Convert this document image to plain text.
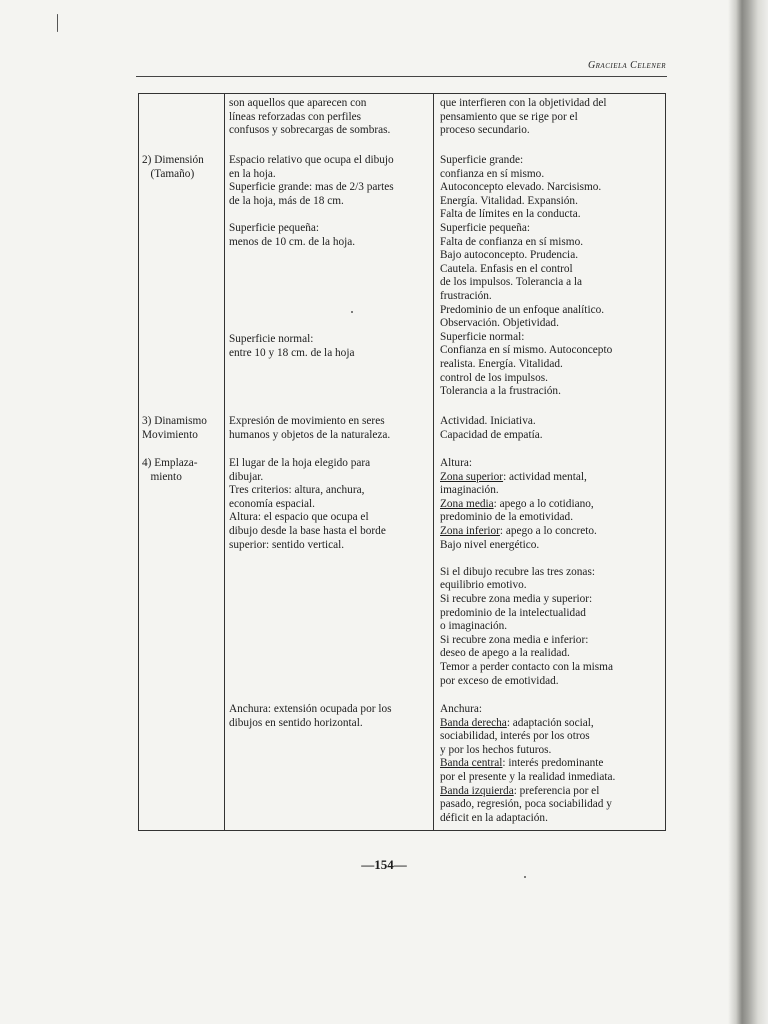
Graciela Celener
son aquellos que aparecen con
líneas reforzadas con perfiles
confusos y sobrecargas de sombras.
que interfieren con la objetividad del
pensamiento que se rige por el
proceso secundario.
2) Dimensión
(Tamaño)
Espacio relativo que ocupa el dibujo
en la hoja.
Superficie grande: mas de 2/3 partes
de la hoja, más de 18 cm.

Superficie pequeña:
menos de 10 cm. de la hoja.
Superficie grande:
confianza en sí mismo.
Autoconcepto elevado. Narcisismo.
Energía. Vitalidad. Expansión.
Falta de límites en la conducta.
Superficie pequeña:
Falta de confianza en sí mismo.
Bajo autoconcepto. Prudencia.
Cautela. Enfasis en el control
de los impulsos. Tolerancia a la
frustración.
Predominio de un enfoque analítico.
Observación. Objetividad.
Superficie normal:
Confianza en sí mismo. Autoconcepto
realista. Energía. Vitalidad.
control de los impulsos.
Tolerancia a la frustración.
Superficie normal:
entre 10 y 18 cm. de la hoja
3) Dinamismo
Movimiento
Expresión de movimiento en seres
humanos y objetos de la naturaleza.
Actividad. Iniciativa.
Capacidad de empatía.
4) Emplaza-
miento
El lugar de la hoja elegido para
dibujar.
Tres criterios: altura, anchura,
economía espacial.
Altura: el espacio que ocupa el
dibujo desde la base hasta el borde
superior: sentido vertical.
Altura:
Zona superior: actividad mental,
imaginación.
Zona media: apego a lo cotidiano,
predominio de la emotividad.
Zona inferior: apego a lo concreto.
Bajo nivel energético.

Si el dibujo recubre las tres zonas:
equilibrio emotivo.
Si recubre zona media y superior:
predominio de la intelectualidad
o imaginación.
Si recubre zona media e inferior:
deseo de apego a la realidad.
Temor a perder contacto con la misma
por exceso de emotividad.
Anchura: extensión ocupada por los
dibujos en sentido horizontal.
Anchura:
Banda derecha: adaptación social,
sociabilidad, interés por los otros
y por los hechos futuros.
Banda central: interés predominante
por el presente y la realidad inmediata.
Banda izquierda: preferencia por el
pasado, regresión, poca sociabilidad y
déficit en la adaptación.
—154—
